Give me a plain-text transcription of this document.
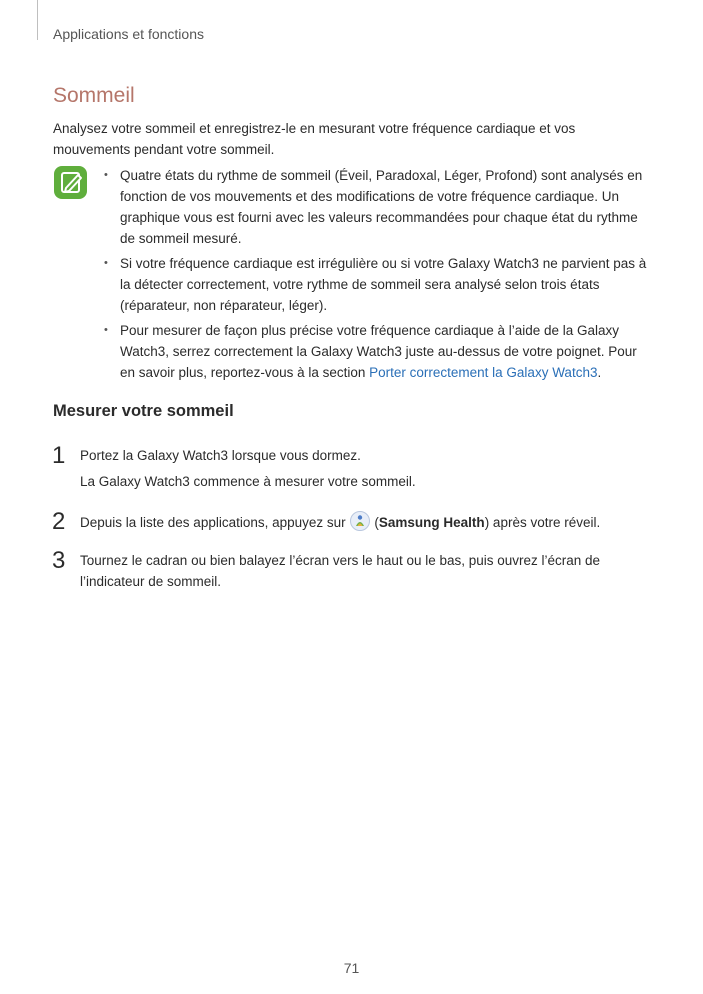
Applications et fonctions
Sommeil
Analysez votre sommeil et enregistrez-le en mesurant votre fréquence cardiaque et vos mouvements pendant votre sommeil.
• Quatre états du rythme de sommeil (Éveil, Paradoxal, Léger, Profond) sont analysés en fonction de vos mouvements et des modifications de votre fréquence cardiaque. Un graphique vous est fourni avec les valeurs recommandées pour chaque état du rythme de sommeil mesuré.
• Si votre fréquence cardiaque est irrégulière ou si votre Galaxy Watch3 ne parvient pas à la détecter correctement, votre rythme de sommeil sera analysé selon trois états (réparateur, non réparateur, léger).
• Pour mesurer de façon plus précise votre fréquence cardiaque à l’aide de la Galaxy Watch3, serrez correctement la Galaxy Watch3 juste au-dessus de votre poignet. Pour en savoir plus, reportez-vous à la section Porter correctement la Galaxy Watch3.
Mesurer votre sommeil
1 Portez la Galaxy Watch3 lorsque vous dormez.
La Galaxy Watch3 commence à mesurer votre sommeil.
2 Depuis la liste des applications, appuyez sur
(Samsung Health) après votre réveil.
3 Tournez le cadran ou bien balayez l’écran vers le haut ou le bas, puis ouvrez l’écran de l’indicateur de sommeil.
71
